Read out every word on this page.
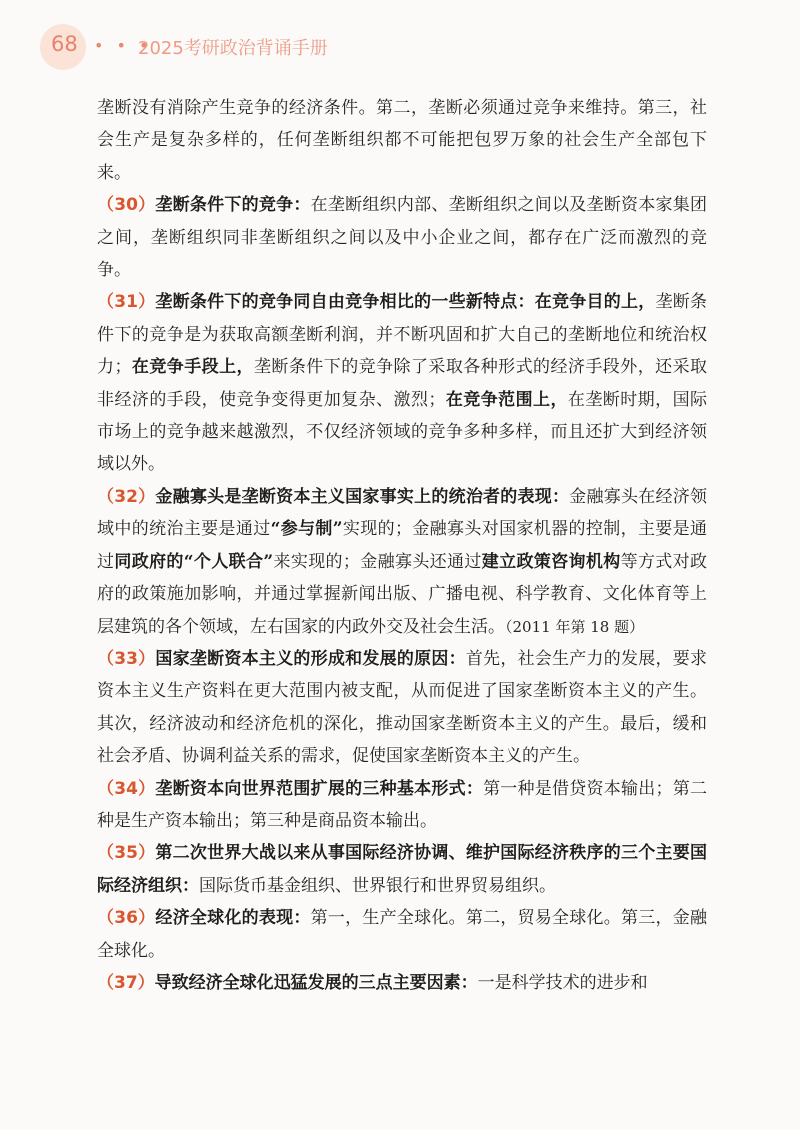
68 • • •
2025考研政治背诵手册

垄断没有消除产生竞争的经济条件。第二，垄断必须通过竞争来维持。第三，社会生产是复杂多样的，任何垄断组织都不可能把包罗万象的社会生产全部包下来。

（30）垄断条件下的竞争：在垄断组织内部、垄断组织之间以及垄断资本家集团之间，垄断组织同非垄断组织之间以及中小企业之间，都存在广泛而激烈的竞争。

（31）垄断条件下的竞争同自由竞争相比的一些新特点：在竞争目的上，垄断条件下的竞争是为获取高额垄断利润，并不断巩固和扩大自己的垄断地位和统治权力；在竞争手段上，垄断条件下的竞争除了采取各种形式的经济手段外，还采取非经济的手段，使竞争变得更加复杂、激烈；在竞争范围上，在垄断时期，国际市场上的竞争越来越激烈，不仅经济领域的竞争多种多样，而且还扩大到经济领域以外。

（32）金融寡头是垄断资本主义国家事实上的统治者的表现：金融寡头在经济领域中的统治主要是通过“参与制”实现的；金融寡头对国家机器的控制，主要是通过同政府的“个人联合”来实现的；金融寡头还通过建立政策咨询机构等方式对政府的政策施加影响，并通过掌握新闻出版、广播电视、科学教育、文化体育等上层建筑的各个领域，左右国家的内政外交及社会生活。（2011 年第 18 题）

（33）国家垄断资本主义的形成和发展的原因：首先，社会生产力的发展，要求资本主义生产资料在更大范围内被支配，从而促进了国家垄断资本主义的产生。其次，经济波动和经济危机的深化，推动国家垄断资本主义的产生。最后，缓和社会矛盾、协调利益关系的需求，促使国家垄断资本主义的产生。

（34）垄断资本向世界范围扩展的三种基本形式：第一种是借贷资本输出；第二种是生产资本输出；第三种是商品资本输出。

（35）第二次世界大战以来从事国际经济协调、维护国际经济秩序的三个主要国际经济组织：国际货币基金组织、世界银行和世界贸易组织。

（36）经济全球化的表现：第一，生产全球化。第二，贸易全球化。第三，金融全球化。

（37）导致经济全球化迅猛发展的三点主要因素：一是科学技术的进步和
